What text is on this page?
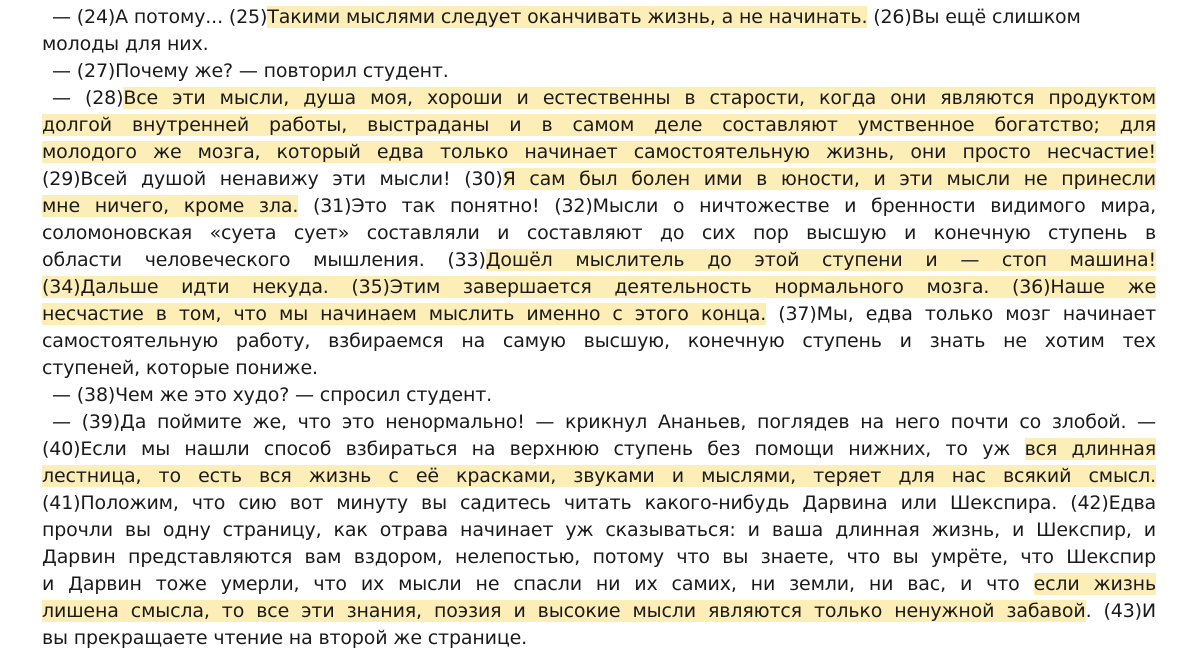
— (24)А потому... (25)Такими мыслями следует оканчивать жизнь, а не начинать. (26)Вы ещё слишком
молоды для них.
— (27)Почему же? — повторил студент.
— (28)Все эти мысли, душа моя, хороши и естественны в старости, когда они являются продуктом
долгой внутренней работы, выстраданы и в самом деле составляют умственное богатство; для
молодого же мозга, который едва только начинает самостоятельную жизнь, они просто несчастие!
(29)Всей душой ненавижу эти мысли! (30)Я сам был болен ими в юности, и эти мысли не принесли
мне ничего, кроме зла. (31)Это так понятно! (32)Мысли о ничтожестве и бренности видимого мира,
соломоновская «суета сует» составляли и составляют до сих пор высшую и конечную ступень в
области человеческого мышления. (33)Дошёл мыслитель до этой ступени и — стоп машина!
(34)Дальше идти некуда. (35)Этим завершается деятельность нормального мозга. (36)Наше же
несчастие в том, что мы начинаем мыслить именно с этого конца. (37)Мы, едва только мозг начинает
самостоятельную работу, взбираемся на самую высшую, конечную ступень и знать не хотим тех
ступеней, которые пониже.
— (38)Чем же это худо? — спросил студент.
— (39)Да поймите же, что это ненормально! — крикнул Ананьев, поглядев на него почти со злобой. —
(40)Если мы нашли способ взбираться на верхнюю ступень без помощи нижних, то уж вся длинная
лестница, то есть вся жизнь с её красками, звуками и мыслями, теряет для нас всякий смысл.
(41)Положим, что сию вот минуту вы садитесь читать какого-нибудь Дарвина или Шекспира. (42)Едва
прочли вы одну страницу, как отрава начинает уж сказываться: и ваша длинная жизнь, и Шекспир, и
Дарвин представляются вам вздором, нелепостью, потому что вы знаете, что вы умрёте, что Шекспир
и Дарвин тоже умерли, что их мысли не спасли ни их самих, ни земли, ни вас, и что если жизнь
лишена смысла, то все эти знания, поэзия и высокие мысли являются только ненужной забавой. (43)И
вы прекращаете чтение на второй же странице.
